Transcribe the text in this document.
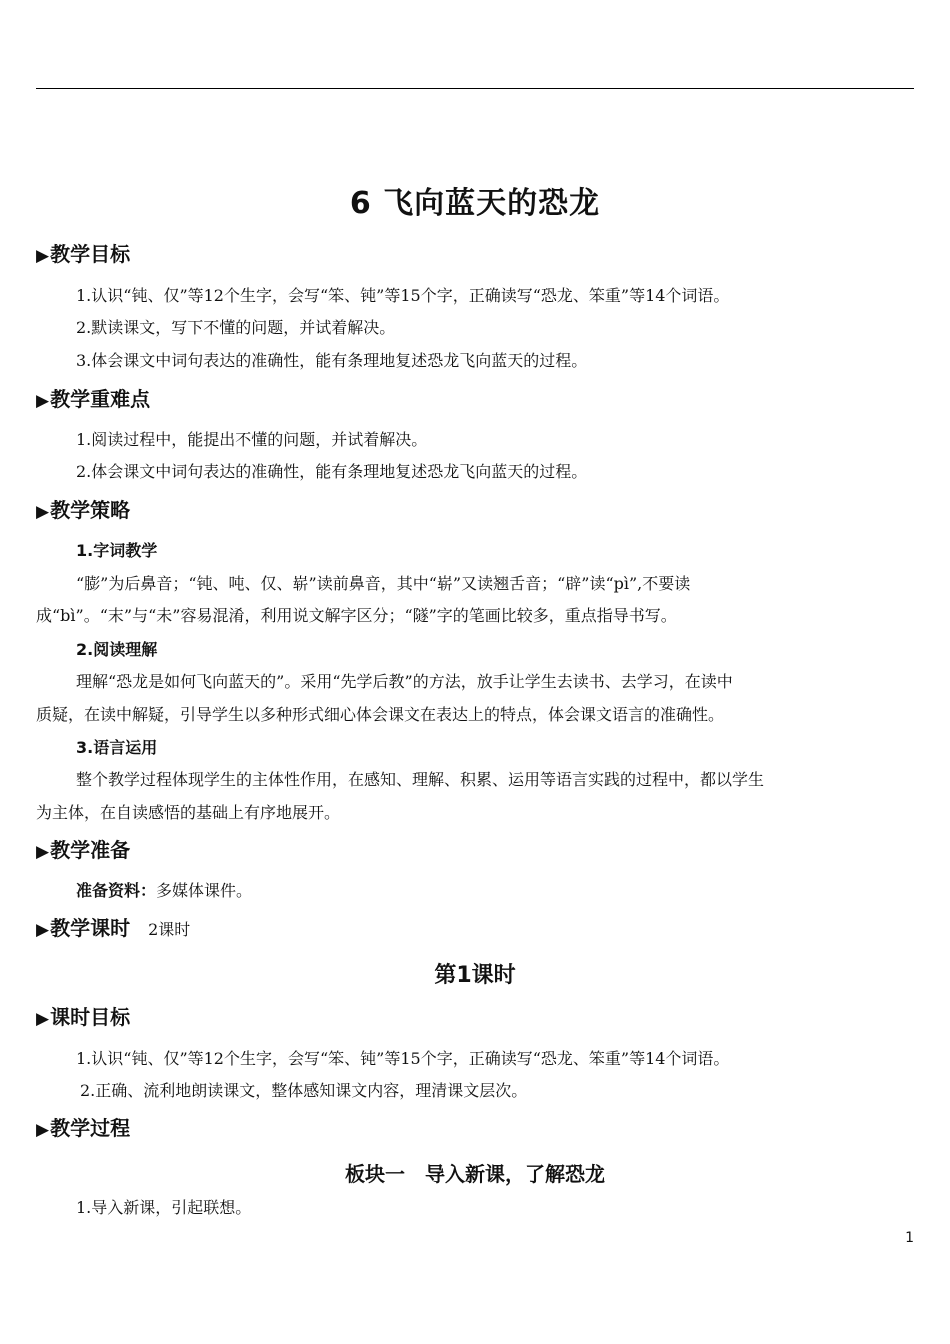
6 飞向蓝天的恐龙
▶教学目标
1.认识“钝、仅”等12个生字，会写“笨、钝”等15个字，正确读写“恐龙、笨重”等14个词语。
2.默读课文，写下不懂的问题，并试着解决。
3.体会课文中词句表达的准确性，能有条理地复述恐龙飞向蓝天的过程。
▶教学重难点
1.阅读过程中，能提出不懂的问题，并试着解决。
2.体会课文中词句表达的准确性，能有条理地复述恐龙飞向蓝天的过程。
▶教学策略
1.字词教学
“膨”为后鼻音；“钝、吨、仅、崭”读前鼻音，其中“崭”又读翘舌音；“辟”读“pì”,不要读
成“bì”。“末”与“未”容易混淆，利用说文解字区分；“隧”字的笔画比较多，重点指导书写。
2.阅读理解
理解“恐龙是如何飞向蓝天的”。采用“先学后教”的方法，放手让学生去读书、去学习，在读中
质疑，在读中解疑，引导学生以多种形式细心体会课文在表达上的特点，体会课文语言的准确性。
3.语言运用
整个教学过程体现学生的主体性作用，在感知、理解、积累、运用等语言实践的过程中，都以学生
为主体，在自读感悟的基础上有序地展开。
▶教学准备
准备资料：多媒体课件。
▶教学课时 2课时
第1课时
▶课时目标
1.认识“钝、仅”等12个生字，会写“笨、钝”等15个字，正确读写“恐龙、笨重”等14个词语。
2.正确、流利地朗读课文，整体感知课文内容，理清课文层次。
▶教学过程
板块一　导入新课，了解恐龙
1.导入新课，引起联想。
1
